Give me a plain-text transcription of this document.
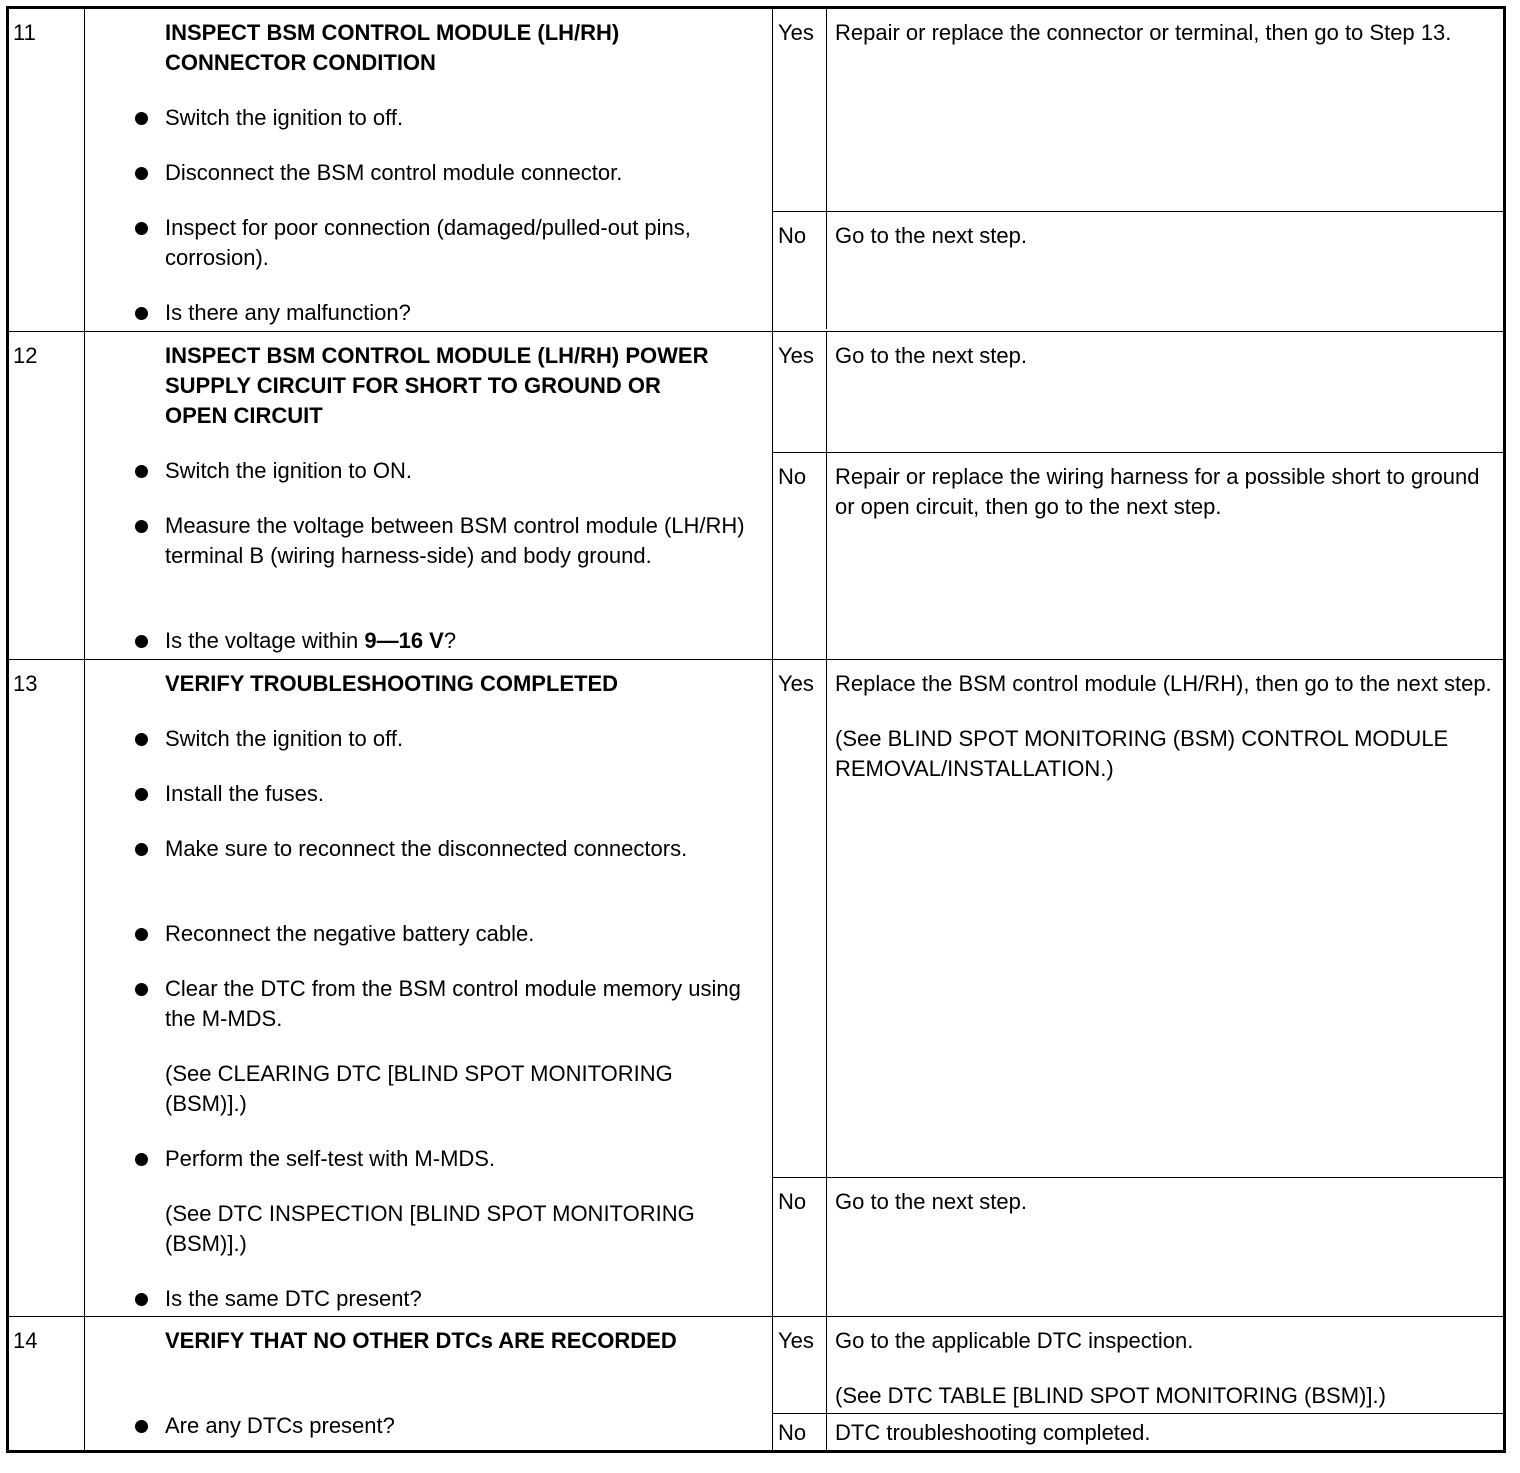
11	INSPECT BSM CONTROL MODULE (LH/RH) CONNECTOR CONDITION
Switch the ignition to off.
Disconnect the BSM control module connector.
Inspect for poor connection (damaged/pulled-out pins, corrosion).
Is there any malfunction?
Yes Repair or replace the connector or terminal, then go to Step 13.

No Go to the next step.

12	INSPECT BSM CONTROL MODULE (LH/RH) POWER SUPPLY CIRCUIT FOR SHORT TO GROUND OR OPEN CIRCUIT
Switch the ignition to ON.
Measure the voltage between BSM control module (LH/RH) terminal B (wiring harness-side) and body ground.
Is the voltage within 9—16 V?
Yes Go to the next step.

No Repair or replace the wiring harness for a possible short to ground or open circuit, then go to the next step.

13	VERIFY TROUBLESHOOTING COMPLETED
Switch the ignition to off.
Install the fuses.
Make sure to reconnect the disconnected connectors.
Reconnect the negative battery cable.
Clear the DTC from the BSM control module memory using the M-MDS.
(See CLEARING DTC [BLIND SPOT MONITORING (BSM)].)
Perform the self-test with M-MDS.
(See DTC INSPECTION [BLIND SPOT MONITORING (BSM)].)
Is the same DTC present?
Yes Replace the BSM control module (LH/RH), then go to the next step.

(See BLIND SPOT MONITORING (BSM) CONTROL MODULE REMOVAL/INSTALLATION.)

No Go to the next step.

14	VERIFY THAT NO OTHER DTCs ARE RECORDED
Are any DTCs present?
Yes Go to the applicable DTC inspection.

(See DTC TABLE [BLIND SPOT MONITORING (BSM)].)

No DTC troubleshooting completed.
